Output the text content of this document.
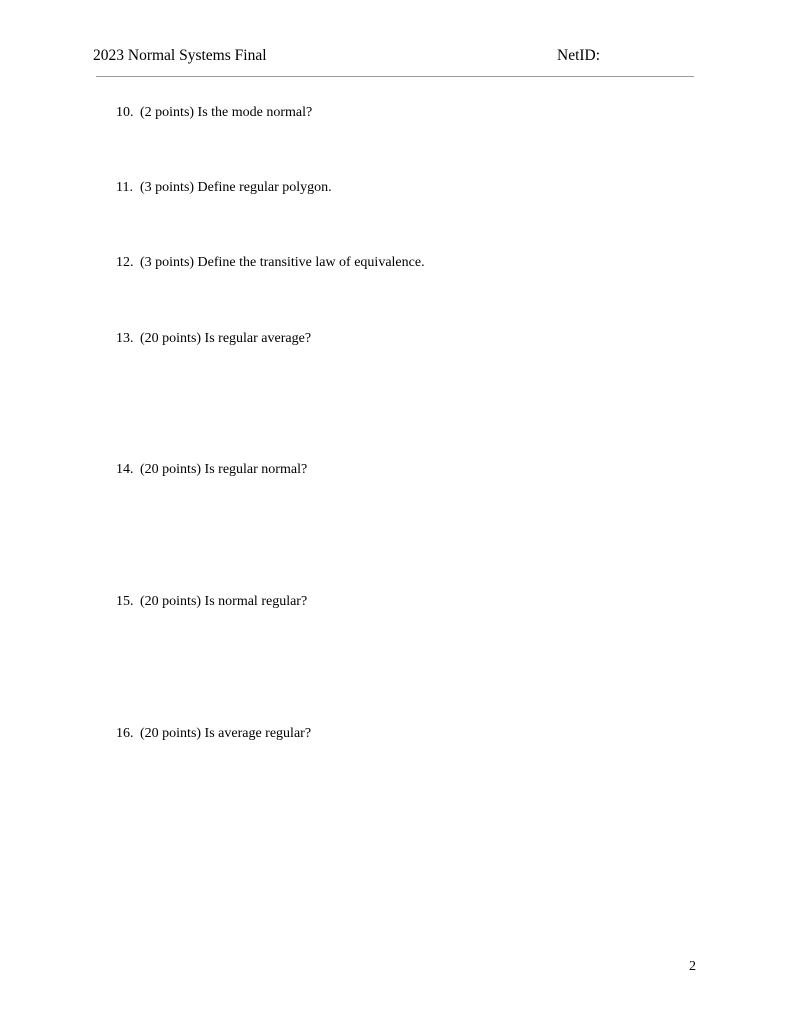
2023 Normal Systems Final	NetID:
10. (2 points) Is the mode normal?
11. (3 points) Define regular polygon.
12. (3 points) Define the transitive law of equivalence.
13. (20 points) Is regular average?
14. (20 points) Is regular normal?
15. (20 points) Is normal regular?
16. (20 points) Is average regular?
2
